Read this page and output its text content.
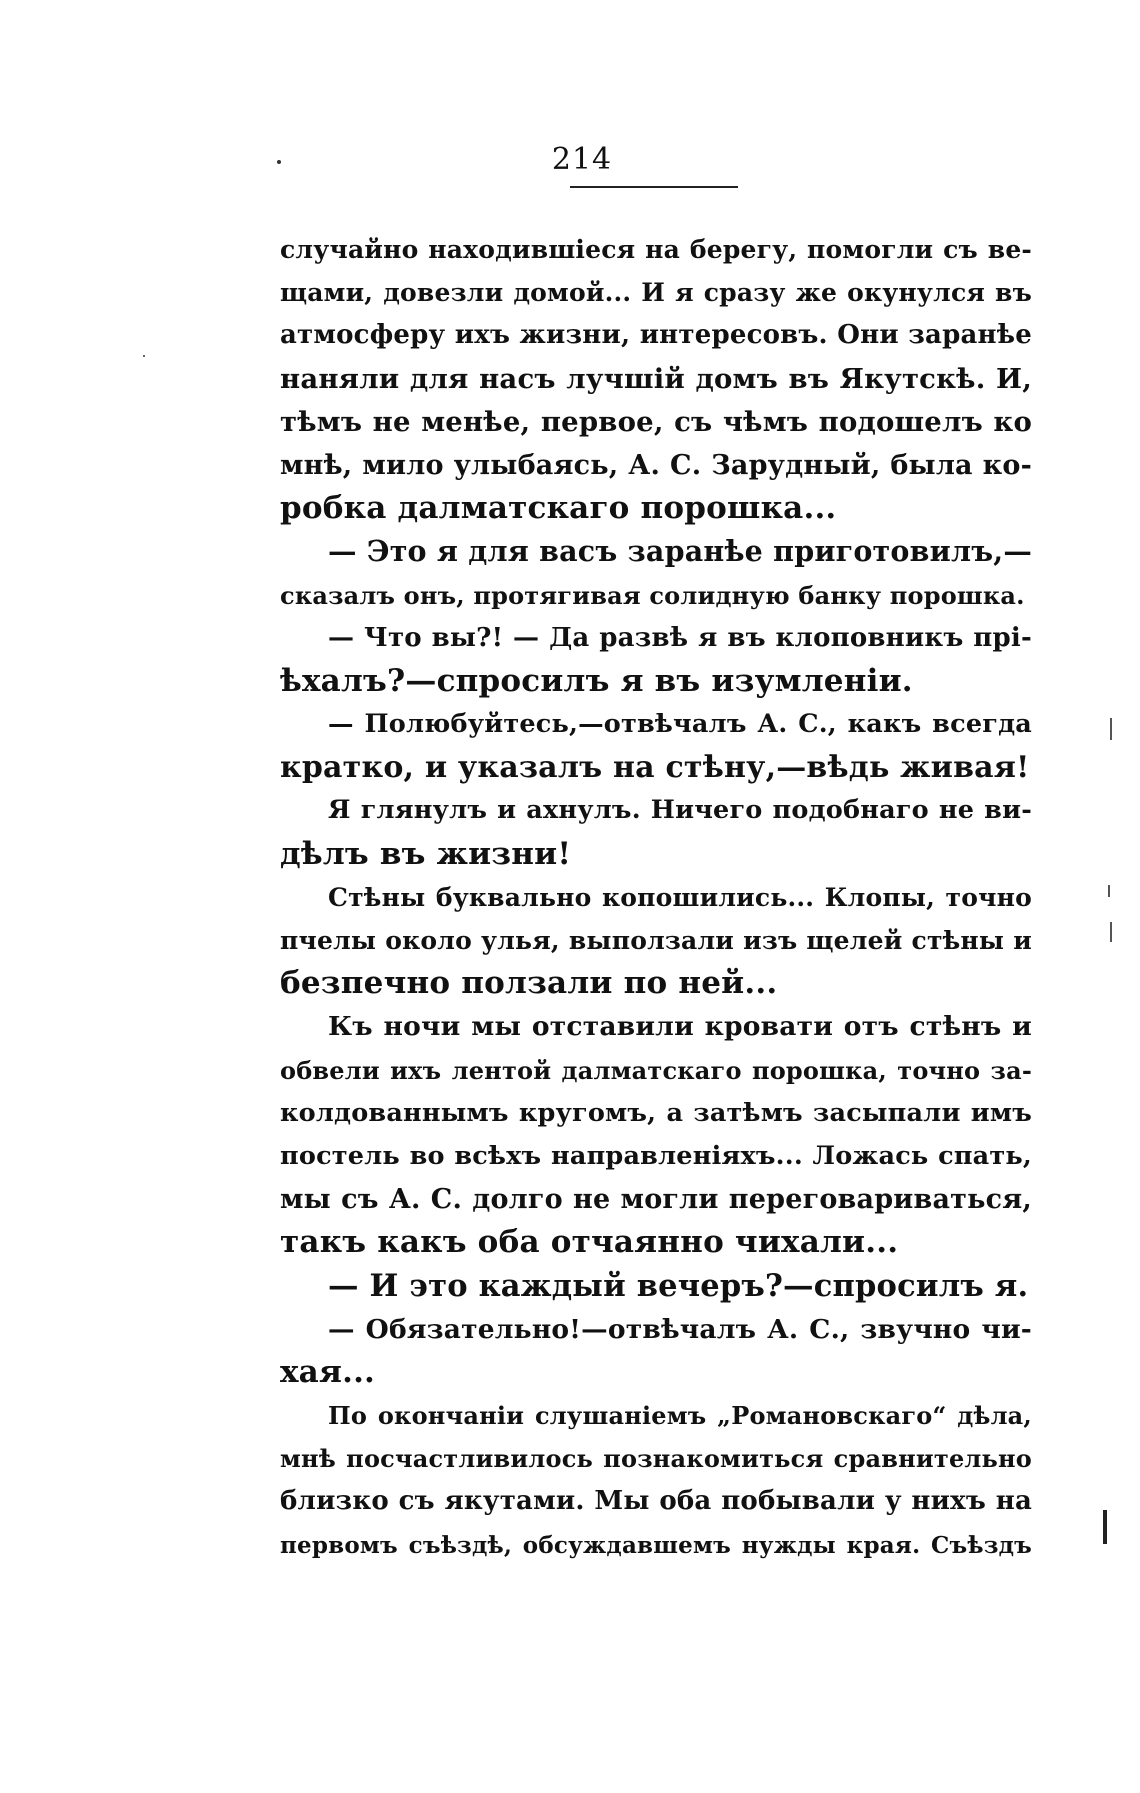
214
случайно находившіеся на берегу, помогли съ ве-
щами, довезли домой... И я сразу же окунулся въ
атмосферу ихъ жизни, интересовъ. Они заранѣе
наняли для насъ лучшій домъ въ Якутскѣ. И,
тѣмъ не менѣе, первое, съ чѣмъ подошелъ ко
мнѣ, мило улыбаясь, А. С. Зарудный, была ко-
робка далматскаго порошка...
— Это я для васъ заранѣе приготовилъ,—
сказалъ онъ, протягивая солидную банку порошка.
— Что вы?! — Да развѣ я въ клоповникъ прі-
ѣхалъ?—спросилъ я въ изумленіи.
— Полюбуйтесь,—отвѣчалъ А. С., какъ всегда
кратко, и указалъ на стѣну,—вѣдь живая!
Я глянулъ и ахнулъ. Ничего подобнаго не ви-
дѣлъ въ жизни!
Стѣны буквально копошились... Клопы, точно
пчелы около улья, выползали изъ щелей стѣны и
безпечно ползали по ней...
Къ ночи мы отставили кровати отъ стѣнъ и
обвели ихъ лентой далматскаго порошка, точно за-
колдованнымъ кругомъ, а затѣмъ засыпали имъ
постель во всѣхъ направленіяхъ... Ложась спать,
мы съ А. С. долго не могли переговариваться,
такъ какъ оба отчаянно чихали...
— И это каждый вечеръ?—спросилъ я.
— Обязательно!—отвѣчалъ А. С., звучно чи-
хая...
По окончаніи слушаніемъ „Романовскаго“ дѣла,
мнѣ посчастливилось познакомиться сравнительно
близко съ якутами. Мы оба побывали у нихъ на
первомъ съѣздѣ, обсуждавшемъ нужды края. Съѣздъ
